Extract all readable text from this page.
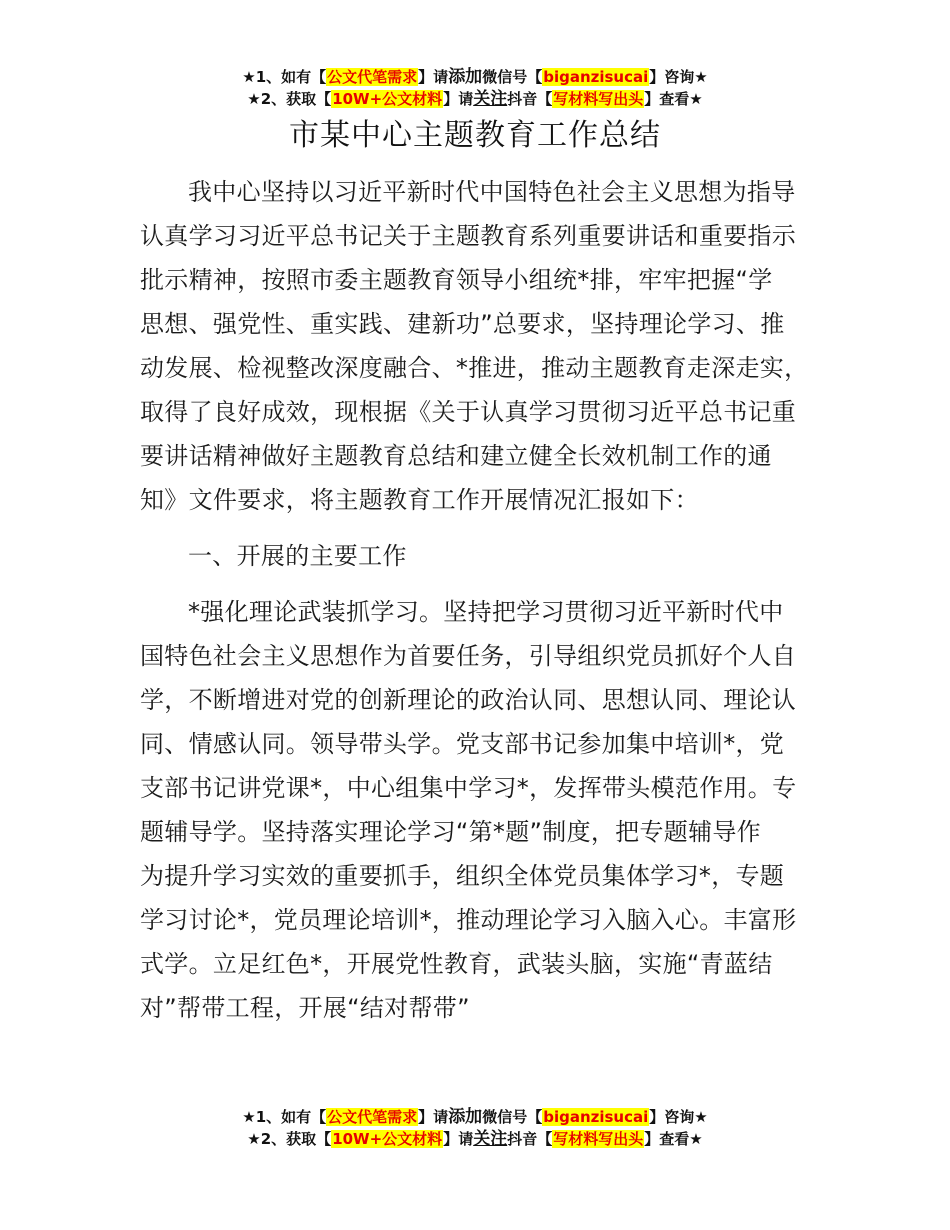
★1、如有【公文代笔需求】请添加微信号【biganzisucai】咨询★
★2、获取【10W+公文材料】请关注抖音【写材料写出头】查看★
市某中心主题教育工作总结

我中心坚持以习近平新时代中国特色社会主义思想为指导
认真学习习近平总书记关于主题教育系列重要讲话和重要指示
批示精神，按照市委主题教育领导小组统*排，牢牢把握“学
思想、强党性、重实践、建新功”总要求，坚持理论学习、推
动发展、检视整改深度融合、*推进，推动主题教育走深走实，
取得了良好成效，现根据《关于认真学习贯彻习近平总书记重
要讲话精神做好主题教育总结和建立健全长效机制工作的通
知》文件要求，将主题教育工作开展情况汇报如下：

一、开展的主要工作

*强化理论武装抓学习。坚持把学习贯彻习近平新时代中
国特色社会主义思想作为首要任务，引导组织党员抓好个人自
学，不断增进对党的创新理论的政治认同、思想认同、理论认
同、情感认同。领导带头学。党支部书记参加集中培训*，党
支部书记讲党课*，中心组集中学习*，发挥带头模范作用。专
题辅导学。坚持落实理论学习“第*题”制度，把专题辅导作
为提升学习实效的重要抓手，组织全体党员集体学习*，专题
学习讨论*，党员理论培训*，推动理论学习入脑入心。丰富形
式学。立足红色*，开展党性教育，武装头脑，实施“青蓝结
对”帮带工程，开展“结对帮带”

★1、如有【公文代笔需求】请添加微信号【biganzisucai】咨询★
★2、获取【10W+公文材料】请关注抖音【写材料写出头】查看★
